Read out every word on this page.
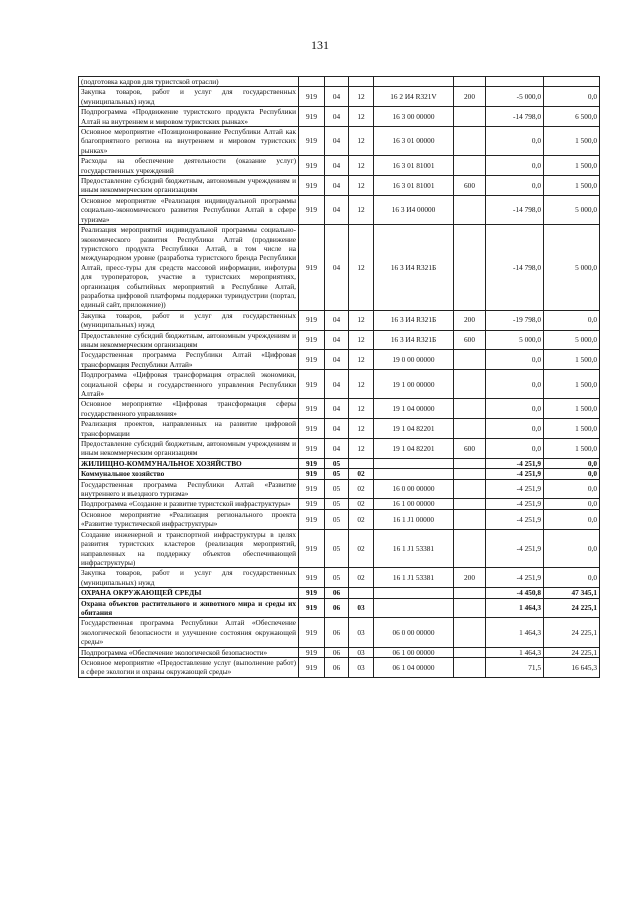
131
(подготовка кадров для туристской отрасли)							
Закупка товаров, работ и услуг для государственных (муниципальных) нужд	919	04	12	16 2 И4 R321V	200	-5 000,0	0,0
Подпрограмма «Продвижение туристского продукта Республики Алтай на внутреннем и мировом туристских рынках»	919	04	12	16 3 00 00000		-14 798,0	6 500,0
Основное мероприятие «Позиционирование Республики Алтай как благоприятного региона на внутреннем и мировом туристских рынках»	919	04	12	16 3 01 00000		0,0	1 500,0
Расходы на обеспечение деятельности (оказание услуг) государственных учреждений	919	04	12	16 3 01 81001		0,0	1 500,0
Предоставление субсидий бюджетным, автономным учреждениям и иным некоммерческим организациям	919	04	12	16 3 01 81001	600	0,0	1 500,0
Основное мероприятие «Реализация индивидуальной программы социально-экономического развития Республики Алтай в сфере туризма»	919	04	12	16 3 И4 00000		-14 798,0	5 000,0
Реализация мероприятий индивидуальной программы социально-экономического развития Республики Алтай (продвижение туристского продукта Республики Алтай, в том числе на международном уровне (разработка туристского бренда Республики Алтай, пресс-туры для средств массовой информации, инфотуры для туроператоров, участие в туристских мероприятиях, организация событийных мероприятий в Республике Алтай, разработка цифровой платформы поддержки туриндустрии (портал, единый сайт, приложение))	919	04	12	16 3 И4 R321Б		-14 798,0	5 000,0
Закупка товаров, работ и услуг для государственных (муниципальных) нужд	919	04	12	16 3 И4 R321Б	200	-19 798,0	0,0
Предоставление субсидий бюджетным, автономным учреждениям и иным некоммерческим организациям	919	04	12	16 3 И4 R321Б	600	5 000,0	5 000,0
Государственная программа Республики Алтай «Цифровая трансформация Республики Алтай»	919	04	12	19 0 00 00000		0,0	1 500,0
Подпрограмма «Цифровая трансформация отраслей экономики, социальной сферы и государственного управления Республики Алтай»	919	04	12	19 1 00 00000		0,0	1 500,0
Основное мероприятие «Цифровая трансформация сферы государственного управления»	919	04	12	19 1 04 00000		0,0	1 500,0
Реализация проектов, направленных на развитие цифровой трансформации	919	04	12	19 1 04 82201		0,0	1 500,0
Предоставление субсидий бюджетным, автономным учреждениям и иным некоммерческим организациям	919	04	12	19 1 04 82201	600	0,0	1 500,0
ЖИЛИЩНО-КОММУНАЛЬНОЕ ХОЗЯЙСТВО	919	05				-4 251,9	0,0
Коммунальное хозяйство	919	05	02			-4 251,9	0,0
Государственная программа Республики Алтай «Развитие внутреннего и въездного туризма»	919	05	02	16 0 00 00000		-4 251,9	0,0
Подпрограмма «Создание и развитие туристской инфраструктуры»	919	05	02	16 1 00 00000		-4 251,9	0,0
Основное мероприятие «Реализация регионального проекта «Развитие туристической инфраструктуры»	919	05	02	16 1 J1 00000		-4 251,9	0,0
Создание инженерной и транспортной инфраструктуры в целях развития туристских кластеров (реализация мероприятий, направленных на поддержку объектов обеспечивающей инфраструктуры)	919	05	02	16 1 J1 53381		-4 251,9	0,0
Закупка товаров, работ и услуг для государственных (муниципальных) нужд	919	05	02	16 1 J1 53381	200	-4 251,9	0,0
ОХРАНА ОКРУЖАЮЩЕЙ СРЕДЫ	919	06				-4 450,8	47 345,1
Охрана объектов растительного и животного мира и среды их обитания	919	06	03			1 464,3	24 225,1
Государственная программа Республики Алтай «Обеспечение экологической безопасности и улучшение состояния окружающей среды»	919	06	03	06 0 00 00000		1 464,3	24 225,1
Подпрограмма «Обеспечение экологической безопасности»	919	06	03	06 1 00 00000		1 464,3	24 225,1
Основное мероприятие «Предоставление услуг (выполнение работ) в сфере экологии и охраны окружающей среды»	919	06	03	06 1 04 00000		71,5	16 645,3
